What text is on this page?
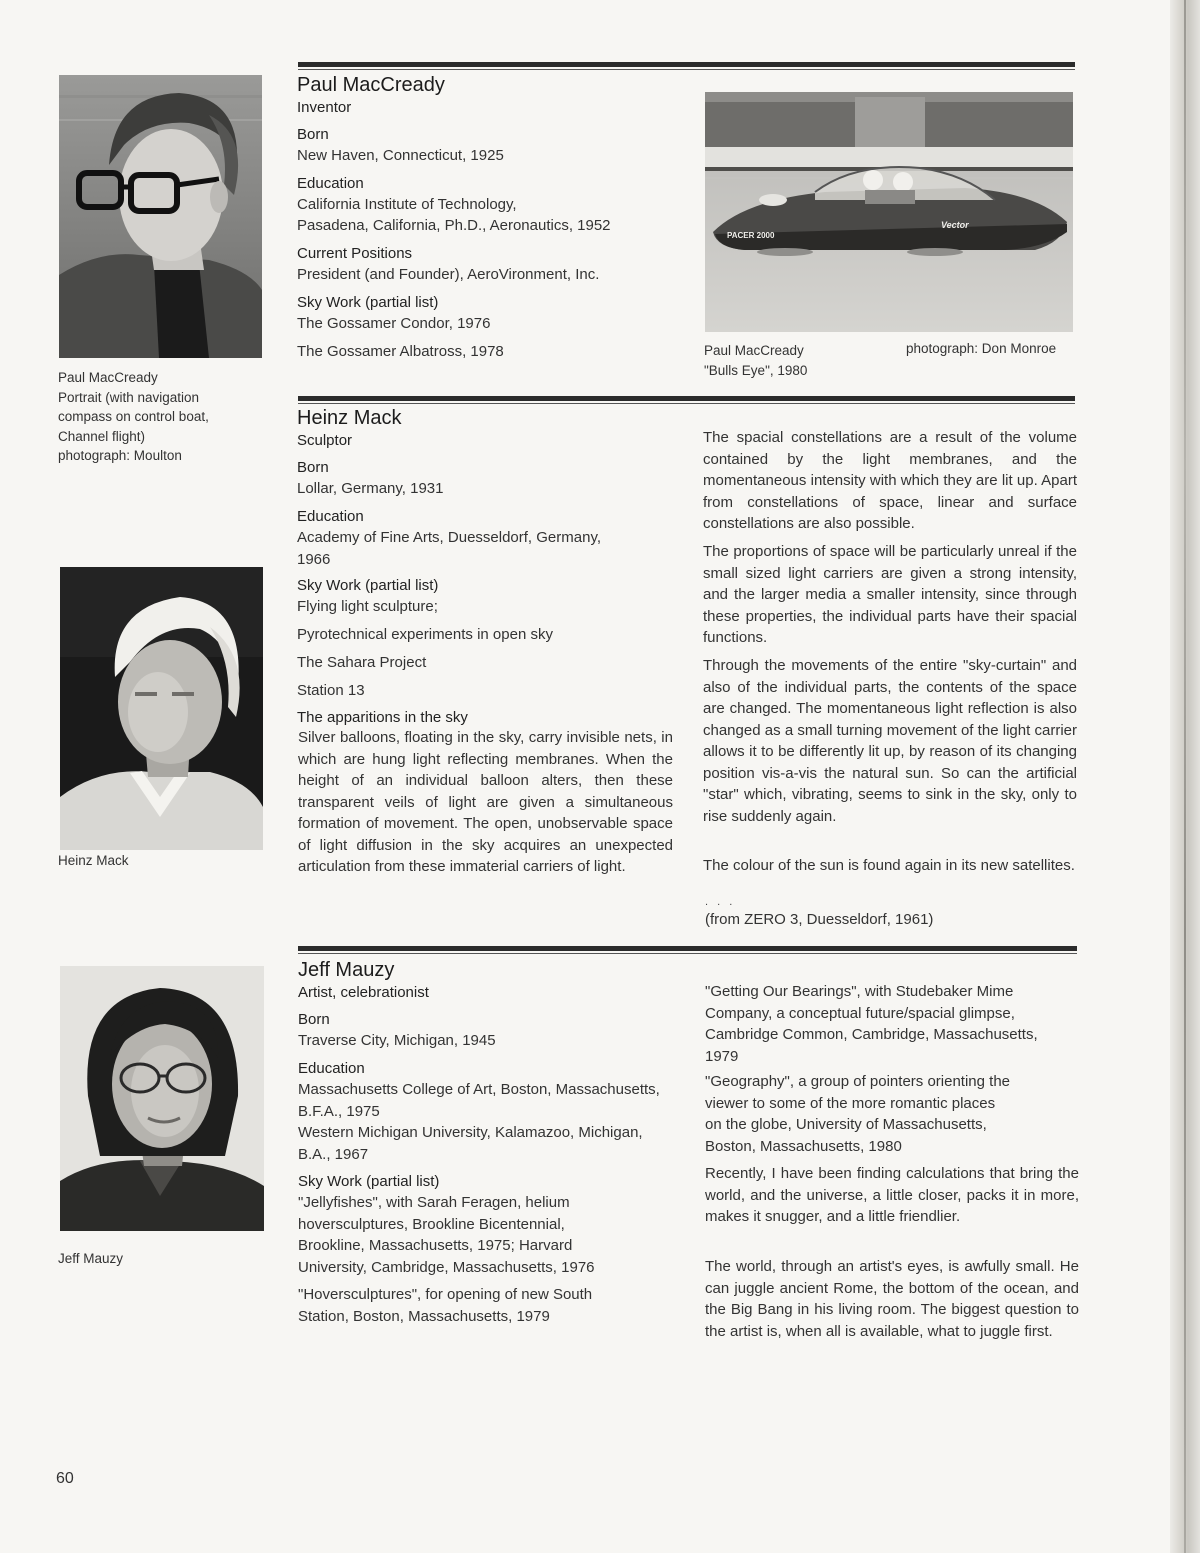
Paul MacCready
Portrait (with navigation
compass on control boat,
Channel flight)
photograph: Moulton
Paul MacCready
Inventor
Born
New Haven, Connecticut, 1925
Education
California Institute of Technology,
Pasadena, California, Ph.D., Aeronautics, 1952
Current Positions
President (and Founder), AeroVironment, Inc.
Sky Work (partial list)
The Gossamer Condor, 1976
The Gossamer Albatross, 1978
PACER 2000
Vector
Paul MacCready
"Bulls Eye", 1980
photograph: Don Monroe
Heinz Mack
Heinz Mack
Sculptor
Born
Lollar, Germany, 1931
Education
Academy of Fine Arts, Duesseldorf, Germany,
1966
Sky Work (partial list)
Flying light sculpture;
Pyrotechnical experiments in open sky
The Sahara Project
Station 13
The apparitions in the sky
Silver balloons, floating in the sky, carry invisible nets, in which are hung light reflecting membranes. When the height of an individual balloon alters, then these transparent veils of light are given a simultaneous formation of movement. The open, unobservable space of light diffusion in the sky acquires an unexpected articulation from these immaterial carriers of light.
The spacial constellations are a result of the volume contained by the light membranes, and the momentaneous intensity with which they are lit up. Apart from constellations of space, linear and surface constellations are also possible.
The proportions of space will be particularly unreal if the small sized light carriers are given a strong intensity, and the larger media a smaller intensity, since through these properties, the individual parts have their spacial functions.
Through the movements of the entire "sky-curtain" and also of the individual parts, the contents of the space are changed. The momentaneous light reflection is also changed as a small turning movement of the light carrier allows it to be differently lit up, by reason of its changing position vis-a-vis the natural sun. So can the artificial "star" which, vibrating, seems to sink in the sky, only to rise suddenly again.
The colour of the sun is found again in its new satellites.
. . .
(from ZERO 3, Duesseldorf, 1961)
Jeff Mauzy
Jeff Mauzy
Artist, celebrationist
Born
Traverse City, Michigan, 1945
Education
Massachusetts College of Art, Boston, Massachusetts, B.F.A., 1975
Western Michigan University, Kalamazoo, Michigan, B.A., 1967
Sky Work (partial list)
"Jellyfishes", with Sarah Feragen, helium
hoversculptures, Brookline Bicentennial,
Brookline, Massachusetts, 1975; Harvard
University, Cambridge, Massachusetts, 1976
"Hoversculptures", for opening of new South
Station, Boston, Massachusetts, 1979
"Getting Our Bearings", with Studebaker Mime
Company, a conceptual future/spacial glimpse,
Cambridge Common, Cambridge, Massachusetts,
1979
"Geography", a group of pointers orienting the
viewer to some of the more romantic places
on the globe, University of Massachusetts,
Boston, Massachusetts, 1980
Recently, I have been finding calculations that bring the world, and the universe, a little closer, packs it in more, makes it snugger, and a little friendlier.
The world, through an artist's eyes, is awfully small. He can juggle ancient Rome, the bottom of the ocean, and the Big Bang in his living room. The biggest question to the artist is, when all is available, what to juggle first.
60
